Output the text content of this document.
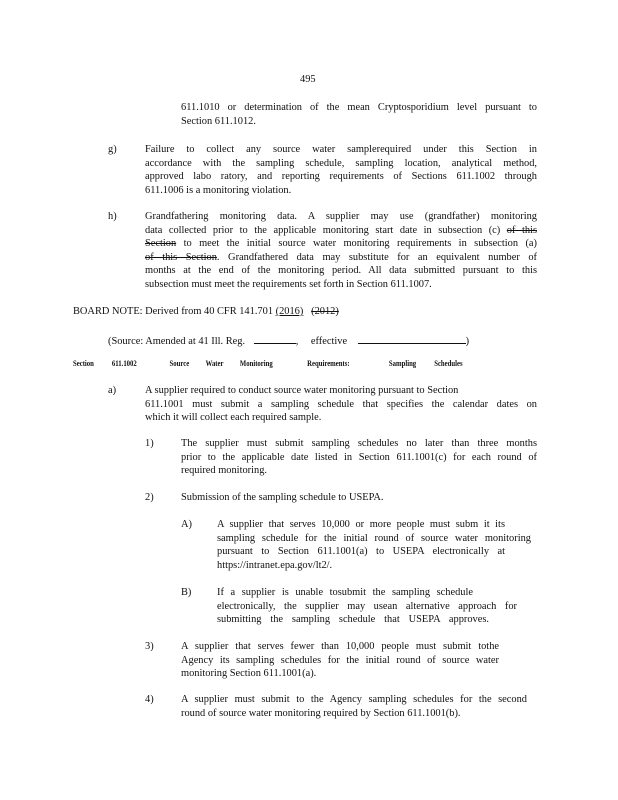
495
611.1010 or determination of the mean Cryptosporidium level pursuant to
Section 611.1012.
g)	Failure to collect any source water samplerequired under this Section in
accordance with the sampling schedule, sampling location, analytical method,
approved labo ratory, and reporting requirements of Sections 611.1002 through
611.1006 is a monitoring violation.
h)	Grandfathering monitoring data. A supplier may use (grandfather) monitoring
data collected prior to the applicable monitoring start date in subsection (c) of this
Section to meet the initial source water monitoring requirements in subsection (a)
of this Section. Grandfathered data may substitute for an equivalent number of
months at the end of the monitoring period. All data submitted pursuant to this
subsection must meet the requirements set forth in Section 611.1007.
BOARD NOTE: Derived from 40 CFR 141.701 (2016) (2012)
(Source: Amended at 41 Ill. Reg.	, effective	)
Section 611.1002	Source Water Monitoring	Requirements:	Sampling Schedules
a)	A supplier required to conduct source water monitoring pursuant to Section
611.1001 must submit a sampling schedule that specifies the calendar dates on
which it will collect each required sample.
1)	The supplier must submit sampling schedules no later than three months
prior to the applicable date listed in Section 611.1001(c) for each round of
required monitoring.
2)	Submission of the sampling schedule to USEPA.
A) A supplier that serves 10,000 or more people must subm it its
sampling schedule for the initial round of source water monitoring
pursuant to Section 611.1001(a) to USEPA electronically at
https://intranet.epa.gov/lt2/.
B) If a supplier is unable tosubmit the sampling schedule
electronically, the supplier may usean alternative approach for
submitting the sampling schedule that USEPA approves.
3)	A supplier that serves fewer than 10,000 people must submit tothe
Agency its sampling schedules for the initial round of source water
monitoring Section 611.1001(a).
4)	A supplier must submit to the Agency sampling schedules for the second
round of source water monitoring required by Section 611.1001(b).
